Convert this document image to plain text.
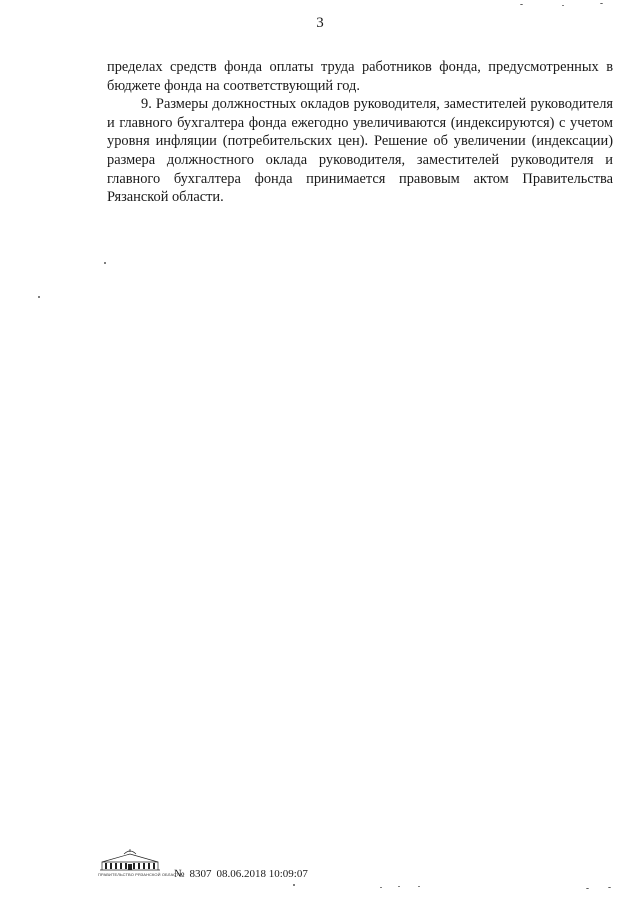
3

пределах средств фонда оплаты труда работников фонда, предусмотренных в бюджете фонда на соответствующий год.

9. Размеры должностных окладов руководителя, заместителей руководителя и главного бухгалтера фонда ежегодно увеличиваются (индексируются) с учетом уровня инфляции (потребительских цен). Решение об увеличении (индексации) размера должностного оклада руководителя, заместителей руководителя и главного бухгалтера фонда принимается правовым актом Правительства Рязанской области.

ПРАВИТЕЛЬСТВО РЯЗАНСКОЙ ОБЛАСТИ
№ 8307 08.06.2018 10:09:07
